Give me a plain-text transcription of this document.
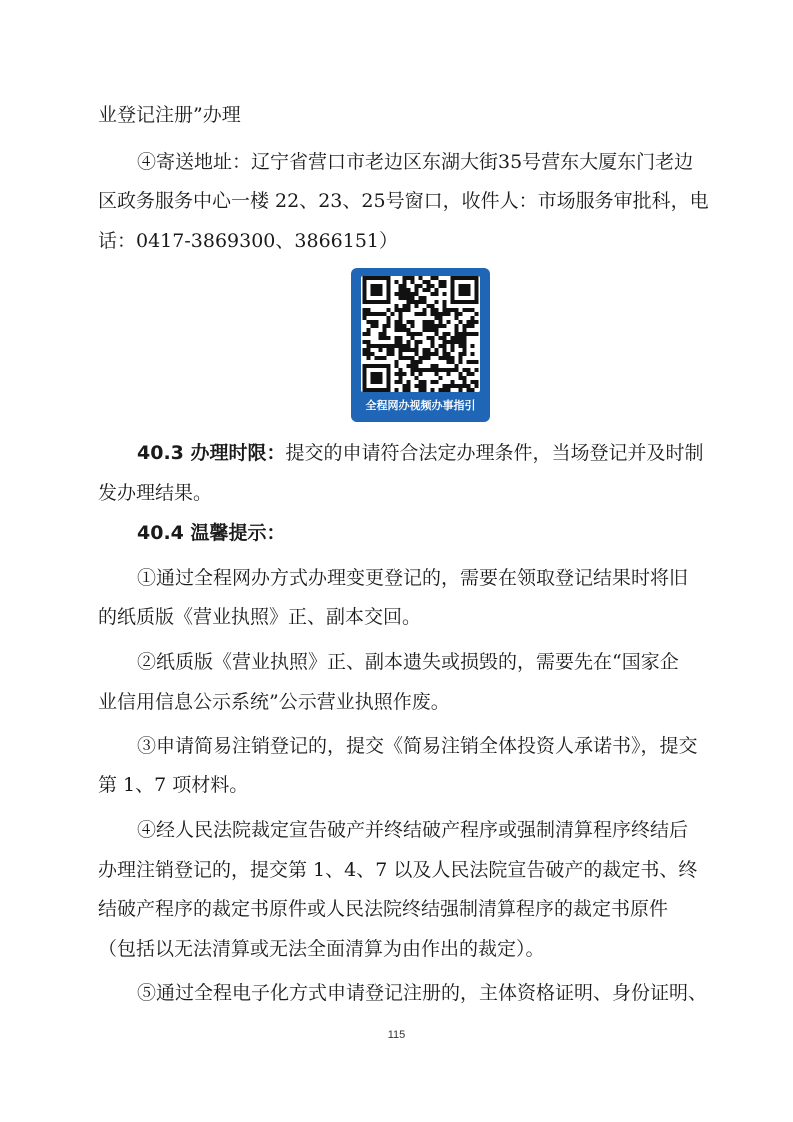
业登记注册”办理
④寄送地址：辽宁省营口市老边区东湖大街35号营东大厦东门老边
区政务服务中心一楼 22、23、25号窗口，收件人：市场服务审批科，电
话：0417-3869300、3866151）
全程网办视频办事指引
40.3 办理时限：提交的申请符合法定办理条件，当场登记并及时制
发办理结果。
40.4 温馨提示：
①通过全程网办方式办理变更登记的，需要在领取登记结果时将旧
的纸质版《营业执照》正、副本交回。
②纸质版《营业执照》正、副本遗失或损毁的，需要先在“国家企
业信用信息公示系统”公示营业执照作废。
③申请简易注销登记的，提交《简易注销全体投资人承诺书》，提交
第 1、7 项材料。
④经人民法院裁定宣告破产并终结破产程序或强制清算程序终结后
办理注销登记的，提交第 1、4、7 以及人民法院宣告破产的裁定书、终
结破产程序的裁定书原件或人民法院终结强制清算程序的裁定书原件
（包括以无法清算或无法全面清算为由作出的裁定）。
⑤通过全程电子化方式申请登记注册的，主体资格证明、身份证明、
115
